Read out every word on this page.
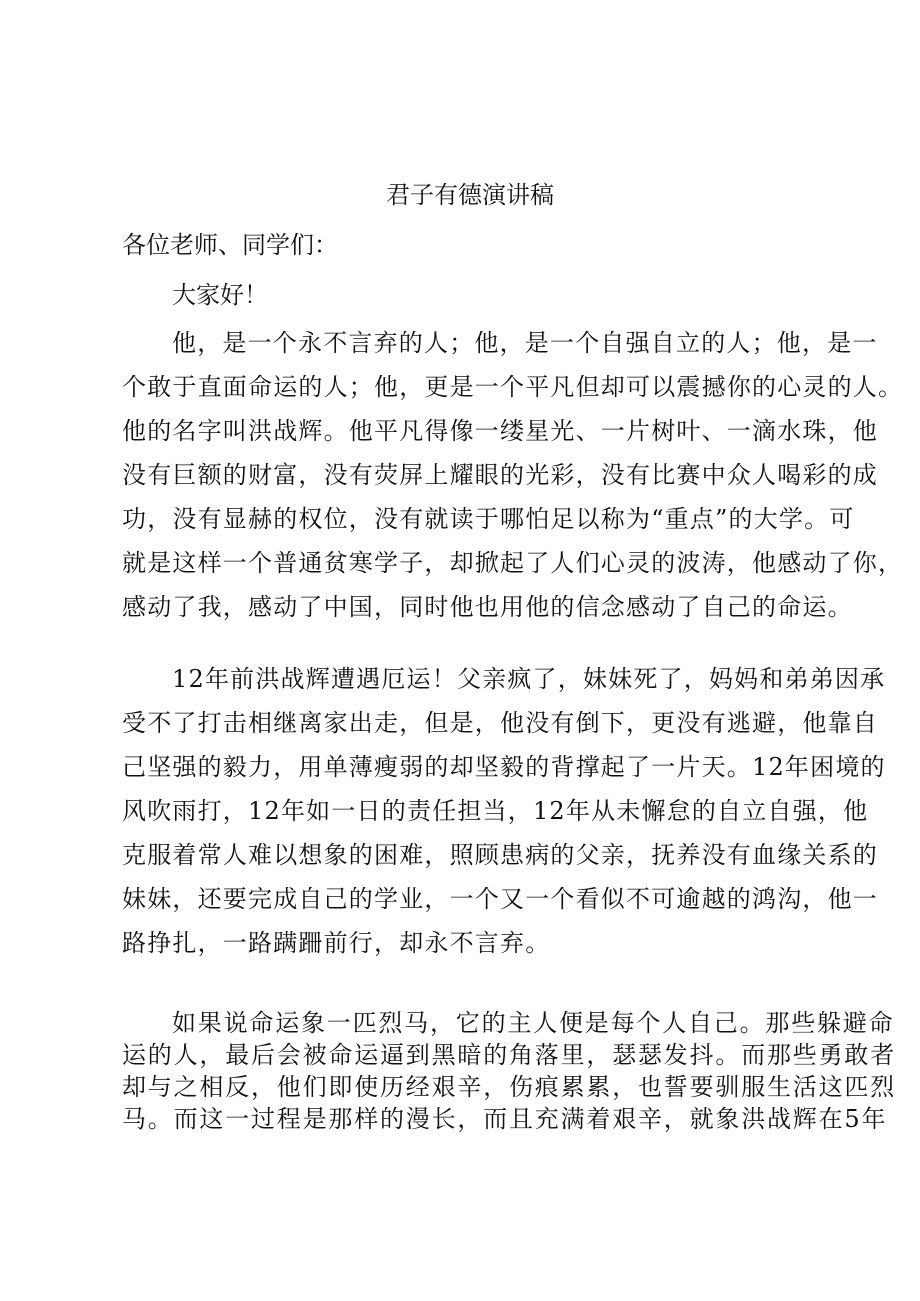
君子有德演讲稿
各位老师、同学们：
大家好！
他，是一个永不言弃的人；他，是一个自强自立的人；他，是一
个敢于直面命运的人；他，更是一个平凡但却可以震撼你的心灵的人。
他的名字叫洪战辉。他平凡得像一缕星光、一片树叶、一滴水珠，他
没有巨额的财富，没有荧屏上耀眼的光彩，没有比赛中众人喝彩的成
功，没有显赫的权位，没有就读于哪怕足以称为“重点”的大学。可
就是这样一个普通贫寒学子，却掀起了人们心灵的波涛，他感动了你，
感动了我，感动了中国，同时他也用他的信念感动了自己的命运。
12年前洪战辉遭遇厄运！父亲疯了，妹妹死了，妈妈和弟弟因承
受不了打击相继离家出走，但是，他没有倒下，更没有逃避，他靠自
己坚强的毅力，用单薄瘦弱的却坚毅的背撑起了一片天。12年困境的
风吹雨打，12年如一日的责任担当，12年从未懈怠的自立自强，他
克服着常人难以想象的困难，照顾患病的父亲，抚养没有血缘关系的
妹妹，还要完成自己的学业，一个又一个看似不可逾越的鸿沟，他一
路挣扎，一路蹒跚前行，却永不言弃。
如果说命运象一匹烈马，它的主人便是每个人自己。那些躲避命
运的人，最后会被命运逼到黑暗的角落里，瑟瑟发抖。而那些勇敢者
却与之相反，他们即使历经艰辛，伤痕累累，也誓要驯服生活这匹烈
马。而这一过程是那样的漫长，而且充满着艰辛，就象洪战辉在5年
